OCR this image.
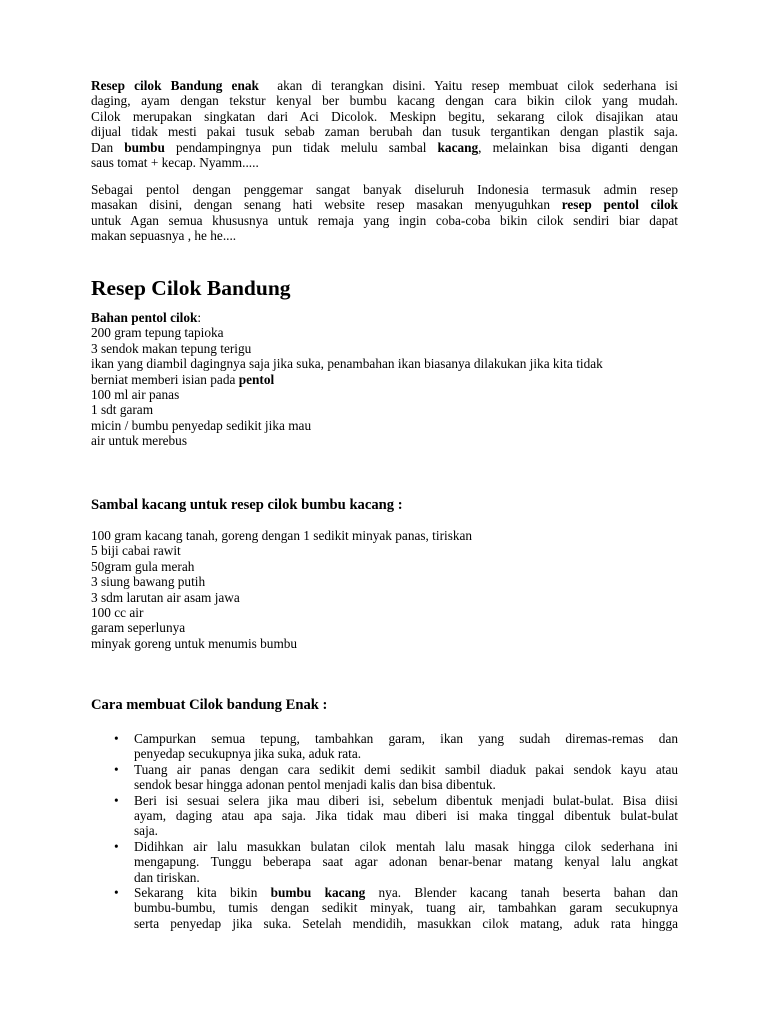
Resep cilok Bandung enak  akan di terangkan disini. Yaitu resep membuat cilok sederhana isi
daging, ayam dengan tekstur kenyal ber bumbu kacang dengan cara bikin cilok yang mudah.
Cilok merupakan singkatan dari Aci Dicolok. Meskipn begitu, sekarang cilok disajikan atau
dijual tidak mesti pakai tusuk sebab zaman berubah dan tusuk tergantikan dengan plastik saja.
Dan bumbu pendampingnya pun tidak melulu sambal kacang, melainkan bisa diganti dengan
saus tomat + kecap. Nyamm.....

Sebagai pentol dengan penggemar sangat banyak diseluruh Indonesia termasuk admin resep
masakan disini, dengan senang hati website resep masakan menyuguhkan resep pentol cilok
untuk Agan semua khususnya untuk remaja yang ingin coba-coba bikin cilok sendiri biar dapat
makan sepuasnya , he he....

Resep Cilok Bandung
Bahan pentol cilok:
200 gram tepung tapioka
3 sendok makan tepung terigu
ikan yang diambil dagingnya saja jika suka, penambahan ikan biasanya dilakukan jika kita tidak
berniat memberi isian pada pentol
100 ml air panas
1 sdt garam
micin / bumbu penyedap sedikit jika mau
air untuk merebus
Sambal kacang untuk resep cilok bumbu kacang :
100 gram kacang tanah, goreng dengan 1 sedikit minyak panas, tiriskan
5 biji cabai rawit
50gram gula merah
3 siung bawang putih
3 sdm larutan air asam jawa
100 cc air
garam seperlunya
minyak goreng untuk menumis bumbu
Cara membuat Cilok bandung Enak :
• Campurkan semua tepung, tambahkan garam, ikan yang sudah diremas-remas dan
penyedap secukupnya jika suka, aduk rata.
• Tuang air panas dengan cara sedikit demi sedikit sambil diaduk pakai sendok kayu atau
sendok besar hingga adonan pentol menjadi kalis dan bisa dibentuk.
• Beri isi sesuai selera jika mau diberi isi, sebelum dibentuk menjadi bulat-bulat. Bisa diisi
ayam, daging atau apa saja. Jika tidak mau diberi isi maka tinggal dibentuk bulat-bulat
saja.
• Didihkan air lalu masukkan bulatan cilok mentah lalu masak hingga cilok sederhana ini
mengapung. Tunggu beberapa saat agar adonan benar-benar matang kenyal lalu angkat
dan tiriskan.
• Sekarang kita bikin bumbu kacang nya. Blender kacang tanah beserta bahan dan
bumbu-bumbu, tumis dengan sedikit minyak, tuang air, tambahkan garam secukupnya
serta penyedap jika suka. Setelah mendidih, masukkan cilok matang, aduk rata hingga
